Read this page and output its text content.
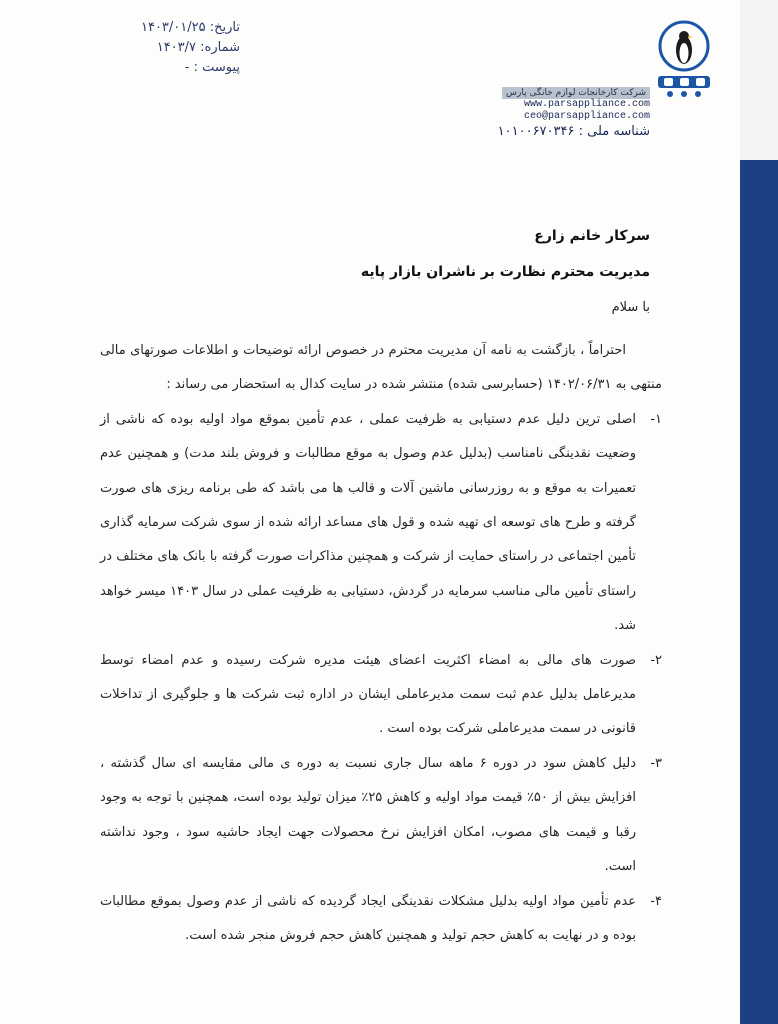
تاریخ: ۱۴۰۳/۰۱/۲۵
شماره: ۱۴۰۳/۷
پیوست : -
شرکت کارخانجات لوازم خانگی پارس
www.parsappliance.com
ceo@parsappliance.com
شناسه ملی : ۱۰۱۰۰۶۷۰۳۴۶
سرکار خانم زارع
مدیریت محترم نظارت بر ناشران بازار پایه
با سلام

احتراماً ، بازگشت به نامه آن مدیریت محترم در خصوص ارائه توضیحات و اطلاعات صورتهای مالی منتهی به ۱۴۰۲/۰۶/۳۱ (حسابرسی شده) منتشر شده در سایت کدال به استحضار می رساند :

۱-
اصلی ترین دلیل عدم دستیابی به ظرفیت عملی ، عدم تأمین بموقع مواد اولیه بوده که ناشی از وضعیت نقدینگی نامناسب (بدلیل عدم وصول به موقع مطالبات و فروش بلند مدت) و همچنین عدم تعمیرات به موقع و به روزرسانی ماشین آلات و قالب ها می باشد که طی برنامه ریزی های صورت گرفته و طرح های توسعه ای تهیه شده و قول های مساعد ارائه شده از سوی شرکت سرمایه گذاری تأمین اجتماعی در راستای حمایت از شرکت و همچنین مذاکرات صورت گرفته با بانک های مختلف در راستای تأمین مالی مناسب سرمایه در گردش، دستیابی به ظرفیت عملی در سال ۱۴۰۳ میسر خواهد شد.

۲-
صورت های مالی به امضاء اکثریت اعضای هیئت مدیره شرکت رسیده و عدم امضاء توسط مدیرعامل بدلیل عدم ثبت سمت مدیرعاملی ایشان در اداره ثبت شرکت ها و جلوگیری از تداخلات قانونی در سمت مدیرعاملی شرکت بوده است .

۳-
دلیل کاهش سود در دوره ۶ ماهه سال جاری نسبت به دوره ی مالی مقایسه ای سال گذشته ، افزایش بیش از ۵۰٪ قیمت مواد اولیه و کاهش ۲۵٪ میزان تولید بوده است، همچنین با توجه به وجود رقبا و قیمت های مصوب، امکان افزایش نرخ محصولات جهت ایجاد حاشیه سود ، وجود نداشته است.

۴-
عدم تأمین مواد اولیه بدلیل مشکلات نقدینگی ایجاد گردیده که ناشی از عدم وصول بموقع مطالبات بوده و در نهایت به کاهش حجم تولید و همچنین کاهش حجم فروش منجر شده است.
